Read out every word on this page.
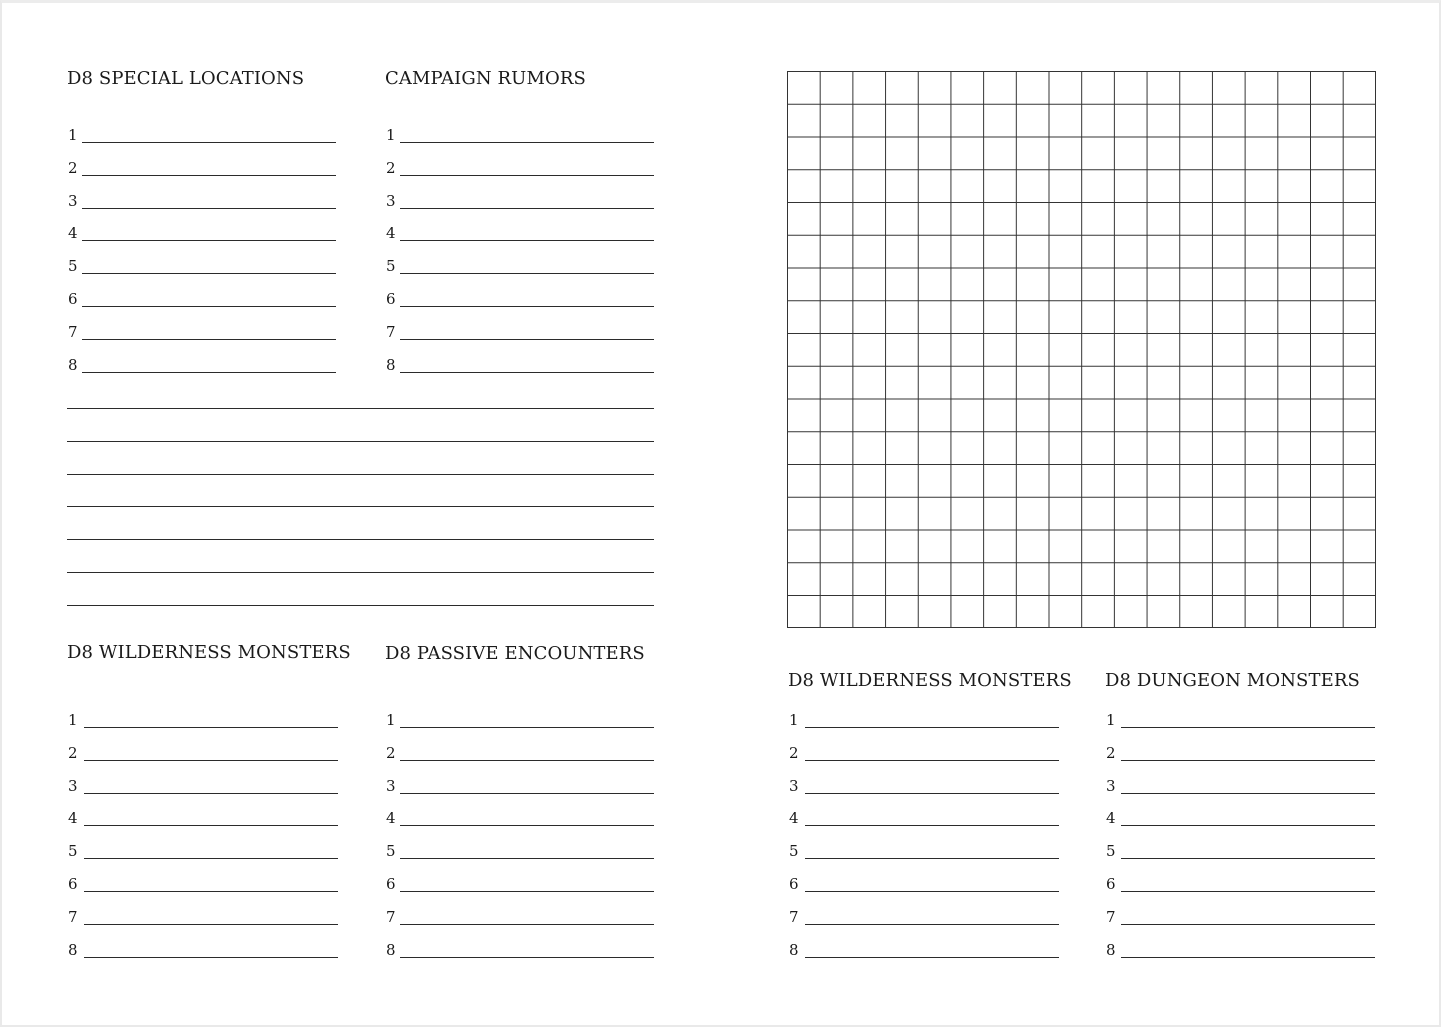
D8 SPECIAL LOCATIONS
1
2
3
4
5
6
7
8
CAMPAIGN RUMORS
1
2
3
4
5
6
7
8
D8 WILDERNESS MONSTERS
1
2
3
4
5
6
7
8
D8 PASSIVE ENCOUNTERS
1
2
3
4
5
6
7
8
D8 WILDERNESS MONSTERS
1
2
3
4
5
6
7
8
D8 DUNGEON MONSTERS
1
2
3
4
5
6
7
8
